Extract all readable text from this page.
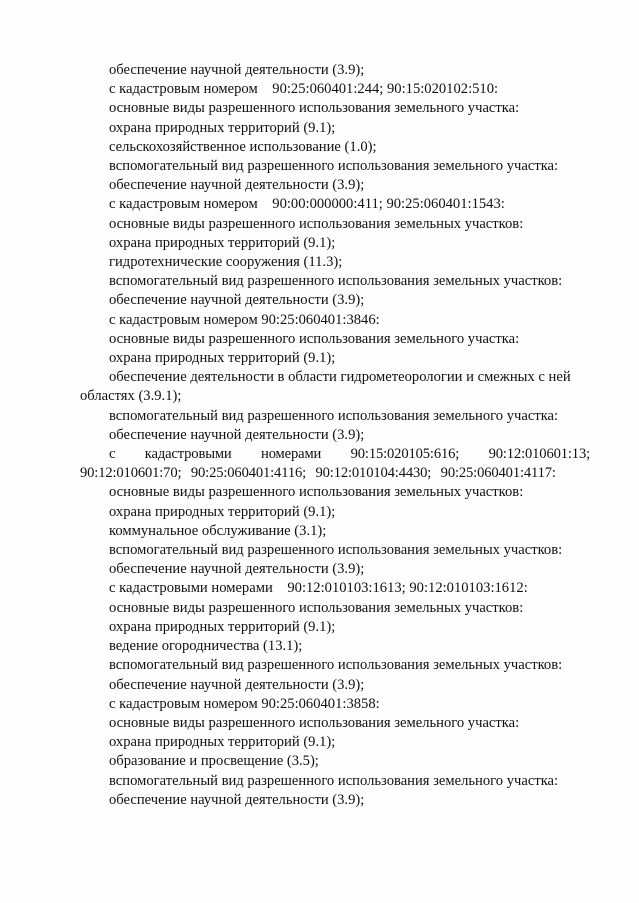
обеспечение научной деятельности (3.9);
с кадастровым номером    90:25:060401:244; 90:15:020102:510:
основные виды разрешенного использования земельного участка:
охрана природных территорий (9.1);
сельскохозяйственное использование (1.0);
вспомогательный вид разрешенного использования земельного участка:
обеспечение научной деятельности (3.9);
с кадастровым номером    90:00:000000:411; 90:25:060401:1543:
основные виды разрешенного использования земельных участков:
охрана природных территорий (9.1);
гидротехнические сооружения (11.3);
вспомогательный вид разрешенного использования земельных участков:
обеспечение научной деятельности (3.9);
с кадастровым номером 90:25:060401:3846:
основные виды разрешенного использования земельного участка:
охрана природных территорий (9.1);
обеспечение деятельности в области гидрометеорологии и смежных с ней областях (3.9.1);
вспомогательный вид разрешенного использования земельного участка:
обеспечение научной деятельности (3.9);
с кадастровыми номерами 90:15:020105:616; 90:12:010601:13; 90:12:010601:70; 90:25:060401:4116; 90:12:010104:4430; 90:25:060401:4117:
основные виды разрешенного использования земельных участков:
охрана природных территорий (9.1);
коммунальное обслуживание (3.1);
вспомогательный вид разрешенного использования земельных участков:
обеспечение научной деятельности (3.9);
с кадастровыми номерами    90:12:010103:1613; 90:12:010103:1612:
основные виды разрешенного использования земельных участков:
охрана природных территорий (9.1);
ведение огородничества (13.1);
вспомогательный вид разрешенного использования земельных участков:
обеспечение научной деятельности (3.9);
с кадастровым номером 90:25:060401:3858:
основные виды разрешенного использования земельного участка:
охрана природных территорий (9.1);
образование и просвещение (3.5);
вспомогательный вид разрешенного использования земельного участка:
обеспечение научной деятельности (3.9);
